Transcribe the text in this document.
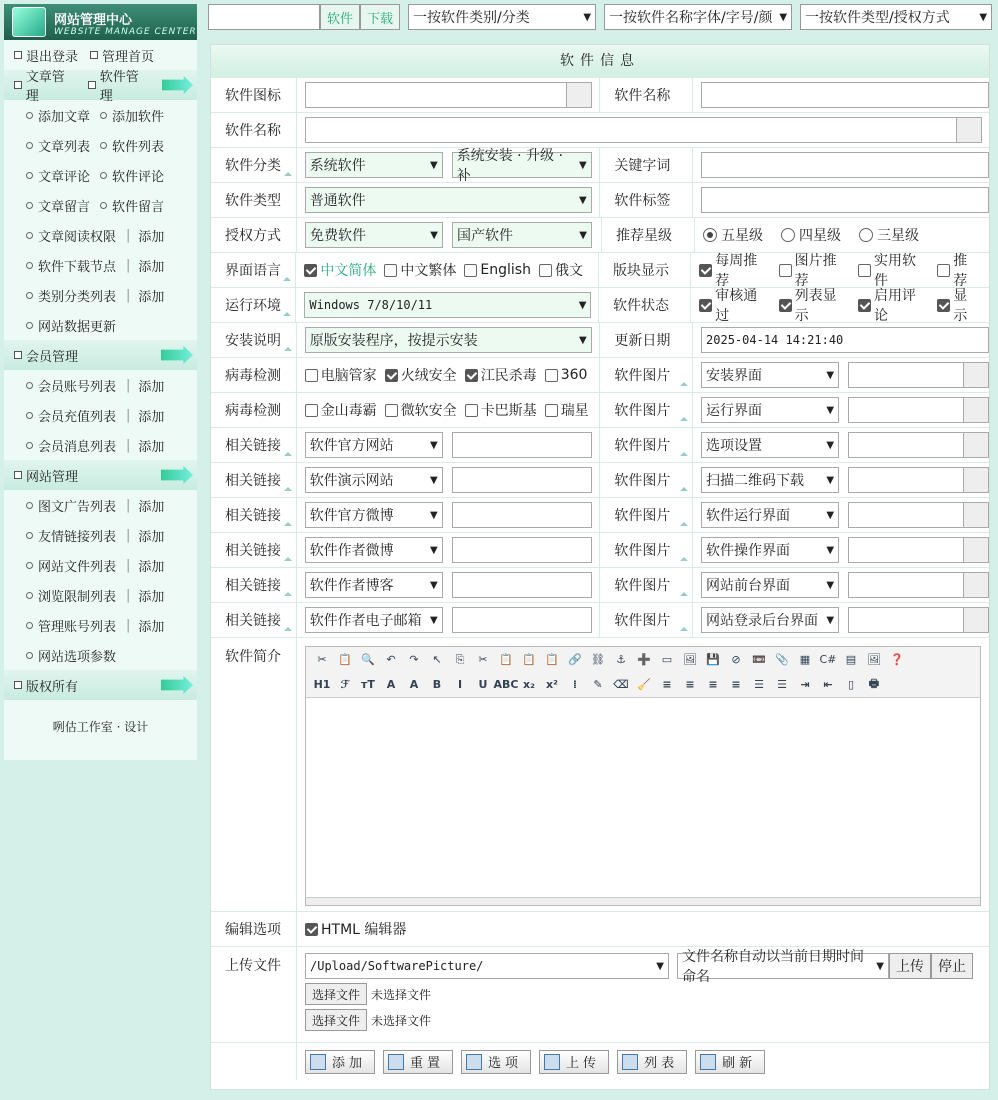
网站管理中心
WEBSITE MANAGE CENTER
退出登录 管理首页
文章管理
软件管理
添加文章 添加软件
文章列表 软件列表
文章评论 软件评论
文章留言 软件留言
文章阅读权限 | 添加
软件下载节点 | 添加
类别分类列表 | 添加
网站数据更新
会员管理
会员账号列表 | 添加
会员充值列表 | 添加
会员消息列表 | 添加
网站管理
图文广告列表 | 添加
友情链接列表 | 添加
网站文件列表 | 添加
浏览限制列表 | 添加
管理账号列表 | 添加
网站选项参数
版权所有
咧估工作室 · 设计
软件	下载	一按软件类别/分类	▼ 一按软件名称字体/字号/颜 ▼ 一按软件类型/授权方式	▼
软件信息
软件图标	软件名称
软件名称
软件分类 系统软件	▼
系统安装 · 升级 · 补
▼ 关键字词
软件类型 普通软件	▼ 软件标签
授权方式 免费软件	▼ 国产软件	▼ 推荐星级	五星级	四星级	三星级
界面语言	中文简体 中文繁体 English 俄文 版块显示
每周推荐
图片推荐
实用软件
推荐
运行环境 Windows 7/8/10/11	▼ 软件状态
审核通过
列表显示
启用评论
显示
安装说明 原版安装程序，按提示安装	▼ 更新日期	2025-04-14 14:21:40
病毒检测	电脑管家 火绒安全 江民杀毒 360 软件图片	安装界面	▼
病毒检测	金山毒霸 微软安全 卡巴斯基 瑞星 软件图片	运行界面	▼
相关链接 软件官方网站	▼	软件图片	选项设置	▼
相关链接 软件演示网站	▼	软件图片	扫描二维码下载 ▼
相关链接 软件官方微博	▼	软件图片	软件运行界面	▼
相关链接 软件作者微博	▼	软件图片	软件操作界面	▼
相关链接 软件作者博客	▼	软件图片	网站前台界面	▼
相关链接 软件作者电子邮箱 ▼	软件图片	网站登录后台界面 ▼
软件简介	✂	📋 🔍	↶	↷	↖	⎘	✂	📋 📋 📋 🔗 ⛓ ⚓ ➕ ▭ 🖼 💾	⊘	📼 📎 ▦ C# ▤ 🖼 ❓
H1 ℱ	тT	A	A	B	I	U ABC x₂ x²	⁞	✎ ⌫ 🧹	≡	≡	≡	≡	☰ ☰	⇥	⇤	▯	🖶
编辑选项	HTML 编辑器
上传文件 /Upload/SoftwarePicture/	▼
文件名称自动以当前日期时间命名
▼ 上传	停止
选择文件 未选择文件
选择文件 未选择文件
添加	重置	选项	上传	列表	刷新
